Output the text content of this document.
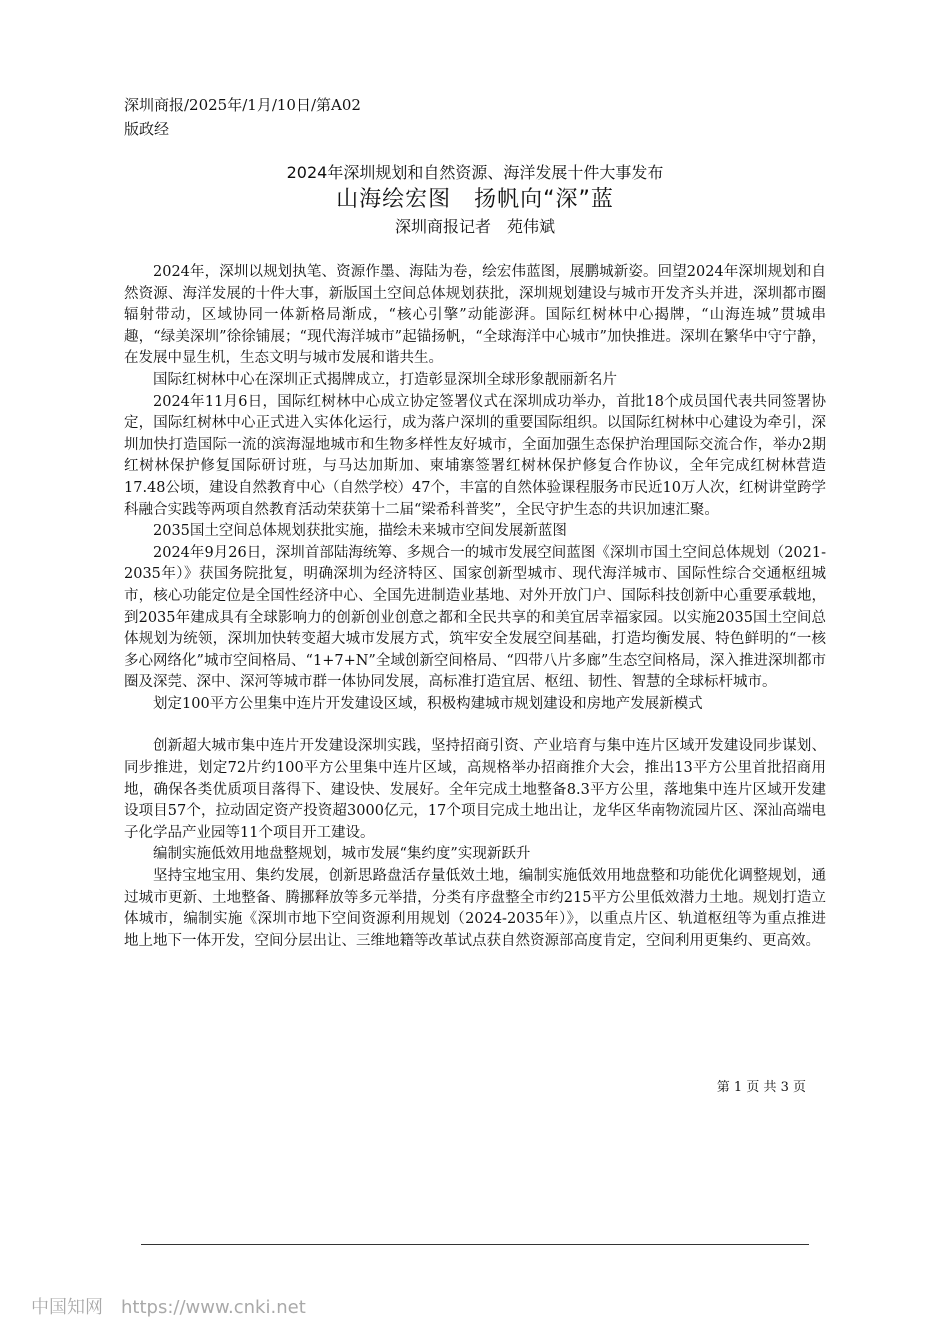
深圳商报/2025年/1月/10日/第A02
版政经
2024年深圳规划和自然资源、海洋发展十件大事发布
山海绘宏图　扬帆向“深”蓝
深圳商报记者　苑伟斌

2024年，深圳以规划执笔、资源作墨、海陆为卷，绘宏伟蓝图，展鹏城新姿。回望2024年深圳规划和自然资源、海洋发展的十件大事，新版国土空间总体规划获批，深圳规划建设与城市开发齐头并进，深圳都市圈辐射带动，区域协同一体新格局渐成，“核心引擎”动能澎湃。国际红树林中心揭牌，“山海连城”贯城串趣，“绿美深圳”徐徐铺展；“现代海洋城市”起锚扬帆，“全球海洋中心城市”加快推进。深圳在繁华中守宁静，在发展中显生机，生态文明与城市发展和谐共生。

国际红树林中心在深圳正式揭牌成立，打造彰显深圳全球形象靓丽新名片

2024年11月6日，国际红树林中心成立协定签署仪式在深圳成功举办，首批18个成员国代表共同签署协定，国际红树林中心正式进入实体化运行，成为落户深圳的重要国际组织。以国际红树林中心建设为牵引，深圳加快打造国际一流的滨海湿地城市和生物多样性友好城市，全面加强生态保护治理国际交流合作，举办2期红树林保护修复国际研讨班，与马达加斯加、柬埔寨签署红树林保护修复合作协议，全年完成红树林营造17.48公顷，建设自然教育中心（自然学校）47个，丰富的自然体验课程服务市民近10万人次，红树讲堂跨学科融合实践等两项自然教育活动荣获第十二届“梁希科普奖”，全民守护生态的共识加速汇聚。

2035国土空间总体规划获批实施，描绘未来城市空间发展新蓝图

2024年9月26日，深圳首部陆海统筹、多规合一的城市发展空间蓝图《深圳市国土空间总体规划（2021-2035年）》获国务院批复，明确深圳为经济特区、国家创新型城市、现代海洋城市、国际性综合交通枢纽城市，核心功能定位是全国性经济中心、全国先进制造业基地、对外开放门户、国际科技创新中心重要承载地，到2035年建成具有全球影响力的创新创业创意之都和全民共享的和美宜居幸福家园。以实施2035国土空间总体规划为统领，深圳加快转变超大城市发展方式，筑牢安全发展空间基础，打造均衡发展、特色鲜明的“一核多心网络化”城市空间格局、“1+7+N”全域创新空间格局、“四带八片多廊”生态空间格局，深入推进深圳都市圈及深莞、深中、深河等城市群一体协同发展，高标准打造宜居、枢纽、韧性、智慧的全球标杆城市。

划定100平方公里集中连片开发建设区域，积极构建城市规划建设和房地产发展新模式

创新超大城市集中连片开发建设深圳实践，坚持招商引资、产业培育与集中连片区域开发建设同步谋划、同步推进，划定72片约100平方公里集中连片区域，高规格举办招商推介大会，推出13平方公里首批招商用地，确保各类优质项目落得下、建设快、发展好。全年完成土地整备8.3平方公里，落地集中连片区域开发建设项目57个，拉动固定资产投资超3000亿元，17个项目完成土地出让，龙华区华南物流园片区、深汕高端电子化学品产业园等11个项目开工建设。

编制实施低效用地盘整规划，城市发展“集约度”实现新跃升

坚持宝地宝用、集约发展，创新思路盘活存量低效土地，编制实施低效用地盘整和功能优化调整规划，通过城市更新、土地整备、腾挪释放等多元举措，分类有序盘整全市约215平方公里低效潜力土地。规划打造立体城市，编制实施《深圳市地下空间资源利用规划（2024-2035年）》，以重点片区、轨道枢纽等为重点推进地上地下一体开发，空间分层出让、三维地籍等改革试点获自然资源部高度肯定，空间利用更集约、更高效。

第 1 页 共 3 页
中国知网　https://www.cnki.net
